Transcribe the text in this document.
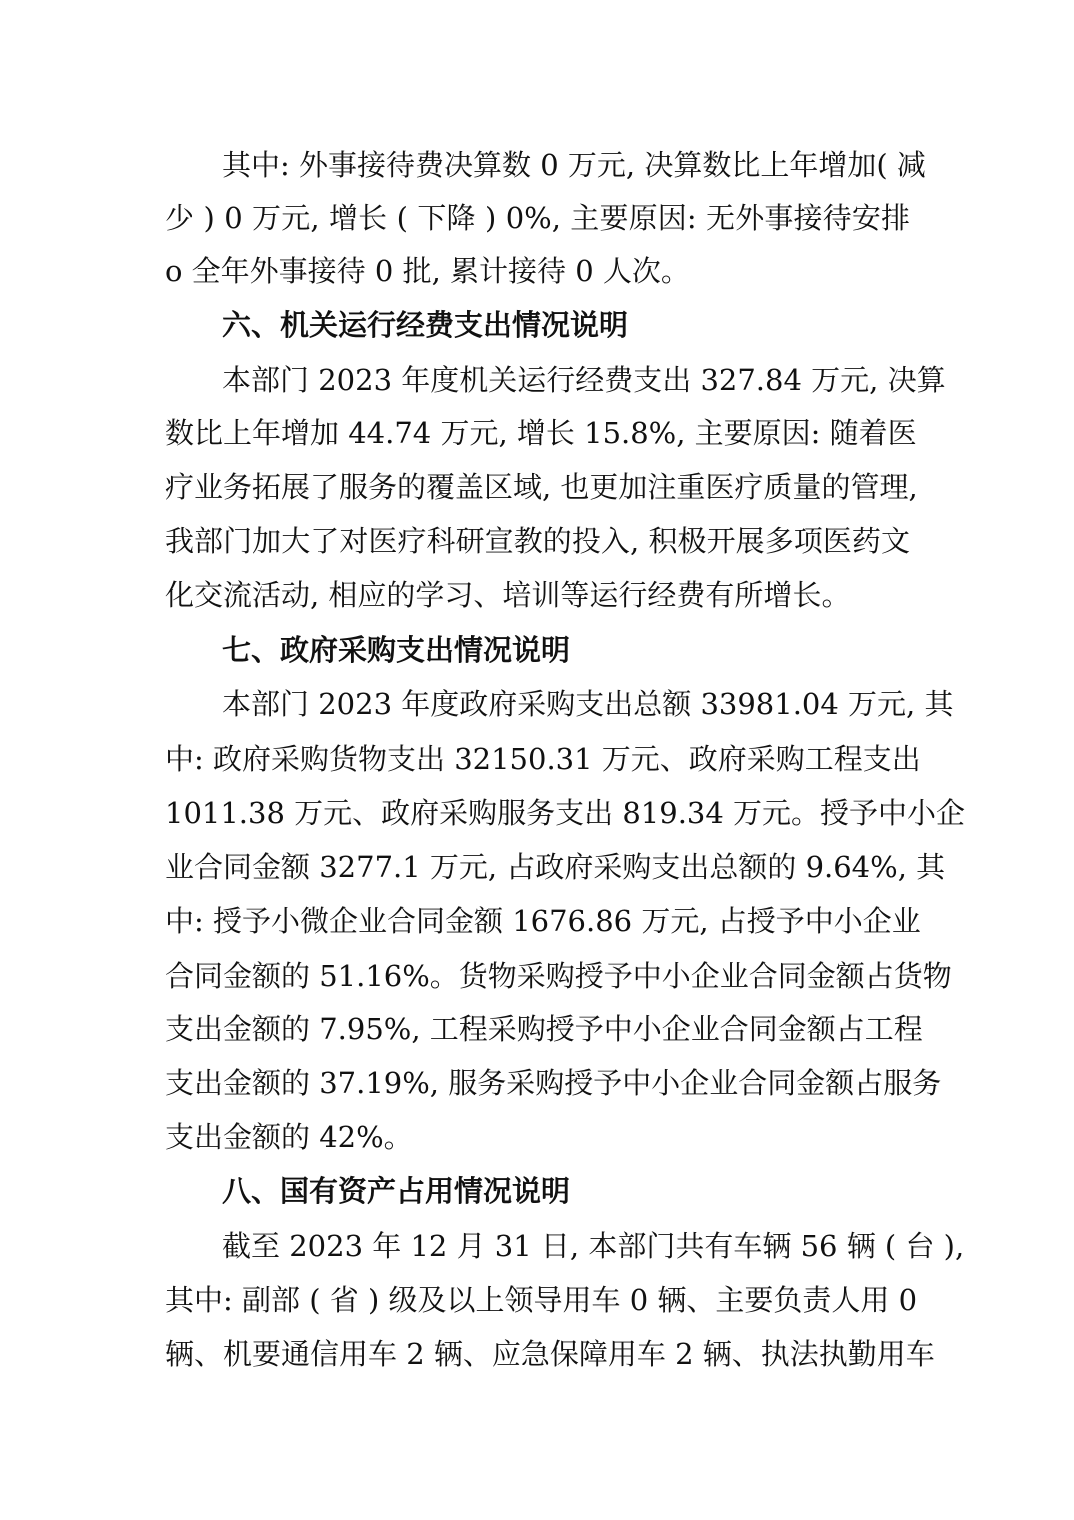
其中: 外事接待费决算数 0 万元, 决算数比上年增加( 减
少 ) 0 万元, 增长 ( 下降 ) 0%, 主要原因: 无外事接待安排
o 全年外事接待 0 批, 累计接待 0 人次。
六、机关运行经费支出情况说明
本部门 2023 年度机关运行经费支出 327.84 万元, 决算
数比上年增加 44.74 万元, 增长 15.8%, 主要原因: 随着医
疗业务拓展了服务的覆盖区域, 也更加注重医疗质量的管理,
我部门加大了对医疗科研宣教的投入, 积极开展多项医药文
化交流活动, 相应的学习、培训等运行经费有所增长。
七、政府采购支出情况说明
本部门 2023 年度政府采购支出总额 33981.04 万元, 其
中: 政府采购货物支出 32150.31 万元、政府采购工程支出
1011.38 万元、政府采购服务支出 819.34 万元。授予中小企
业合同金额 3277.1 万元, 占政府采购支出总额的 9.64%, 其
中: 授予小微企业合同金额 1676.86 万元, 占授予中小企业
合同金额的 51.16%。货物采购授予中小企业合同金额占货物
支出金额的 7.95%, 工程采购授予中小企业合同金额占工程
支出金额的 37.19%, 服务采购授予中小企业合同金额占服务
支出金额的 42%。
八、国有资产占用情况说明
截至 2023 年 12 月 31 日, 本部门共有车辆 56 辆 ( 台 ),
其中: 副部 ( 省 ) 级及以上领导用车 0 辆、主要负责人用 0
辆、机要通信用车 2 辆、应急保障用车 2 辆、执法执勤用车
